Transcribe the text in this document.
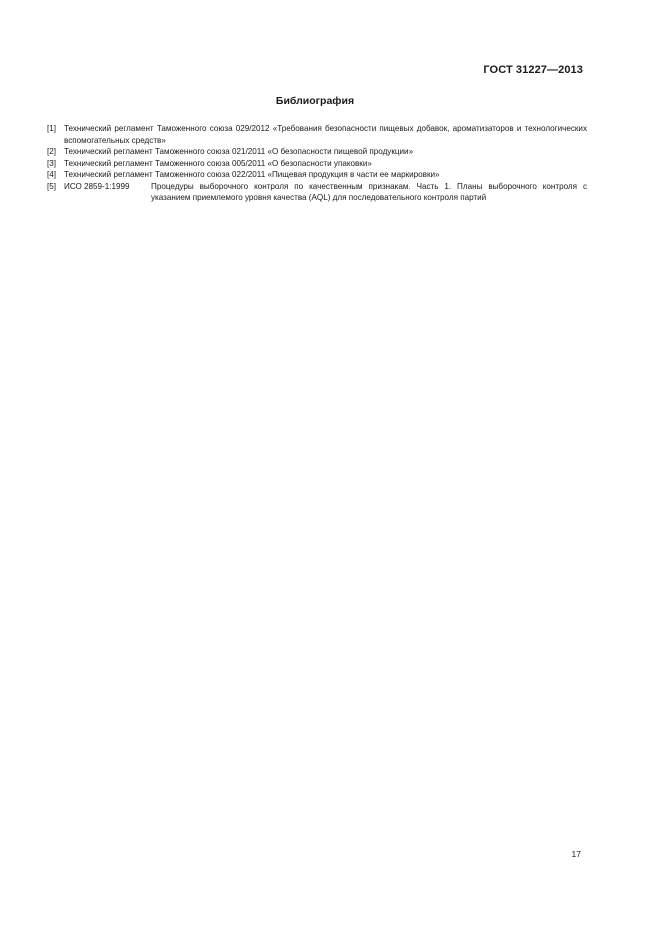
ГОСТ 31227—2013
Библиография
[1] Технический регламент Таможенного союза 029/2012 «Требования безопасности пищевых добавок, ароматизаторов и технологических вспомогательных средств»
[2] Технический регламент Таможенного союза 021/2011 «О безопасности пищевой продукции»
[3] Технический регламент Таможенного союза 005/2011 «О безопасности упаковки»
[4] Технический регламент Таможенного союза 022/2011 «Пищевая продукция в части ее маркировки»
[5] ИСО 2859-1:1999	Процедуры выборочного контроля по качественным признакам. Часть 1. Планы выборочного контроля с указанием приемлемого уровня качества (AQL) для последовательного контроля партий
17
